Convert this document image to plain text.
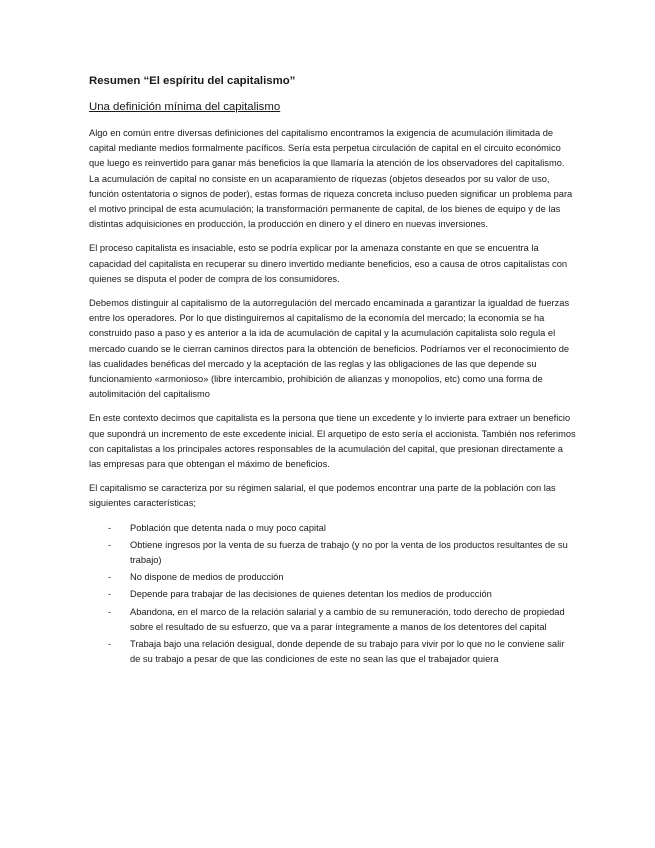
Resumen “El espíritu del capitalismo”
Una definición mínima del capitalismo

Algo en común entre diversas definiciones del capitalismo encontramos la exigencia de acumulación ilimitada de capital mediante medios formalmente pacíficos. Sería esta perpetua circulación de capital en el circuito económico que luego es reinvertido para ganar más beneficios la que llamaría la atención de los observadores del capitalismo. La acumulación de capital no consiste en un acaparamiento de riquezas (objetos deseados por su valor de uso, función ostentatoria o signos de poder), estas formas de riqueza concreta incluso pueden significar un problema para el motivo principal de esta acumulación; la transformación permanente de capital, de los bienes de equipo y de las distintas adquisiciones en producción, la producción en dinero y el dinero en nuevas inversiones.

El proceso capitalista es insaciable, esto se podría explicar por la amenaza constante en que se encuentra la capacidad del capitalista en recuperar su dinero invertido mediante beneficios, eso a causa de otros capitalistas con quienes se disputa el poder de compra de los consumidores.

Debemos distinguir al capitalismo de la autorregulación del mercado encaminada a garantizar la igualdad de fuerzas entre los operadores. Por lo que distinguiremos al capitalismo de la economía del mercado; la economía se ha construido paso a paso y es anterior a la ida de acumulación de capital y la acumulación capitalista solo regula el mercado cuando se le cierran caminos directos para la obtención de beneficios. Podríamos ver el reconocimiento de las cualidades benéficas del mercado y la aceptación de las reglas y las obligaciones de las que depende su funcionamiento «armonioso» (libre intercambio, prohibición de alianzas y monopolios, etc) como una forma de autolimitación del capitalismo

En este contexto decimos que capitalista es la persona que tiene un excedente y lo invierte para extraer un beneficio que supondrá un incremento de este excedente inicial. El arquetipo de esto sería el accionista. También nos referimos con capitalistas a los principales actores responsables de la acumulación del capital, que presionan directamente a las empresas para que obtengan el máximo de beneficios.

El capitalismo se caracteriza por su régimen salarial, el que podemos encontrar una parte de la población con las siguientes características;

- Población que detenta nada o muy poco capital
- Obtiene ingresos por la venta de su fuerza de trabajo (y no por la venta de los productos resultantes de su trabajo)
- No dispone de medios de producción
- Depende para trabajar de las decisiones de quienes detentan los medios de producción
- Abandona, en el marco de la relación salarial y a cambio de su remuneración, todo derecho de propiedad sobre el resultado de su esfuerzo, que va a parar íntegramente a manos de los detentores del capital
- Trabaja bajo una relación desigual, donde depende de su trabajo para vivir por lo que no le conviene salir de su trabajo a pesar de que las condiciones de este no sean las que el trabajador quiera
